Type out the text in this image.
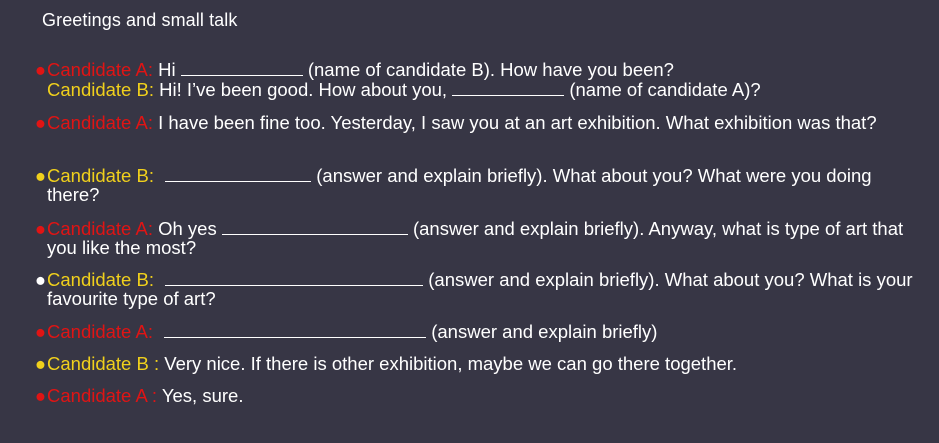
Greetings and small talk
● Candidate A: Hi	(name of candidate B). How have you been?
Candidate B: Hi! I’ve been good. How about you,	(name of candidate A)?
● Candidate A: I have been fine too. Yesterday, I saw you at an art exhibition. What exhibition was that?
● Candidate B:	(answer and explain briefly). What about you? What were you doing there?
● Candidate A: Oh yes	(answer and explain briefly). Anyway, what is type of art that you like the most?
● Candidate B:	(answer and explain briefly). What about you? What is your favourite type of art?
● Candidate A:	(answer and explain briefly)
● Candidate B : Very nice. If there is other exhibition, maybe we can go there together.
● Candidate A : Yes, sure.
